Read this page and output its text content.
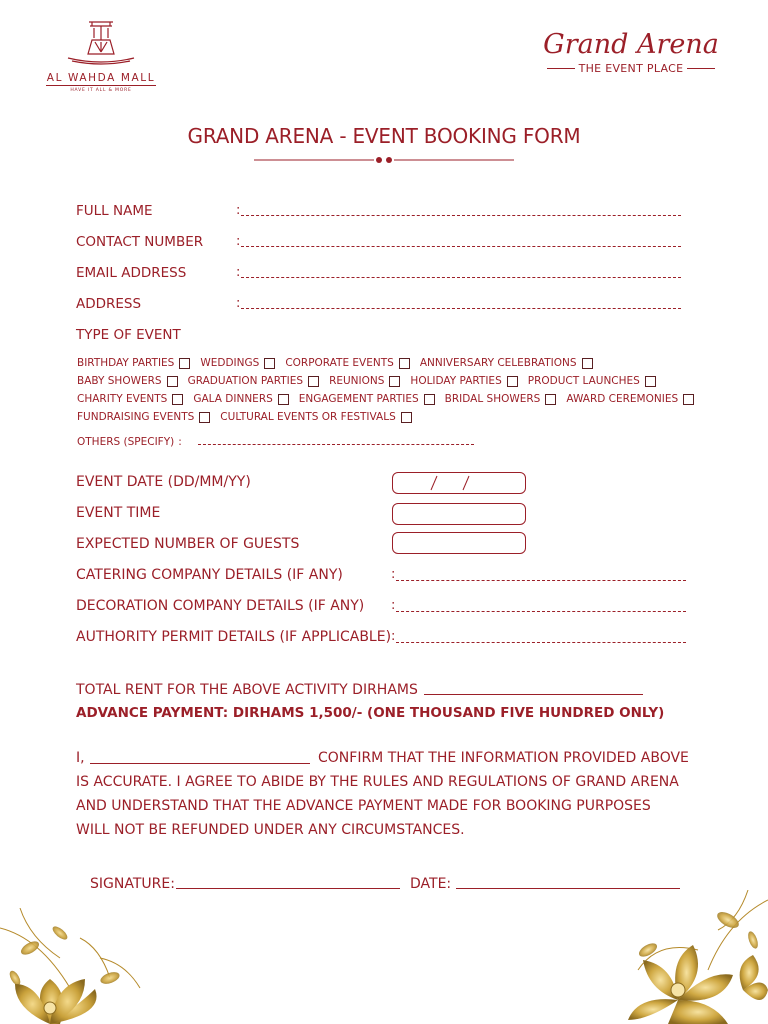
AL WAHDA MALL
HAVE IT ALL & MORE
Grand Arena
THE EVENT PLACE
GRAND ARENA - EVENT BOOKING FORM
FULL NAME	:
CONTACT NUMBER	:
EMAIL ADDRESS	:
ADDRESS	:
TYPE OF EVENT
BIRTHDAY PARTIES WEDDINGS CORPORATE EVENTS ANNIVERSARY CELEBRATIONS
BABY SHOWERS GRADUATION PARTIES REUNIONS HOLIDAY PARTIES PRODUCT LAUNCHES
CHARITY EVENTS GALA DINNERS ENGAGEMENT PARTIES BRIDAL SHOWERS AWARD CEREMONIES
FUNDRAISING EVENTS CULTURAL EVENTS OR FESTIVALS
OTHERS (SPECIFY) :
EVENT DATE (DD/MM/YY)
EVENT TIME
EXPECTED NUMBER OF GUESTS
CATERING COMPANY DETAILS (IF ANY)	:
DECORATION COMPANY DETAILS (IF ANY) :
AUTHORITY PERMIT DETAILS (IF APPLICABLE) :
TOTAL RENT FOR THE ABOVE ACTIVITY DIRHAMS
ADVANCE PAYMENT: DIRHAMS 1,500/- (ONE THOUSAND FIVE HUNDRED ONLY)
I,	CONFIRM THAT THE INFORMATION PROVIDED ABOVE
IS ACCURATE. I AGREE TO ABIDE BY THE RULES AND REGULATIONS OF GRAND ARENA
AND UNDERSTAND THAT THE ADVANCE PAYMENT MADE FOR BOOKING PURPOSES
WILL NOT BE REFUNDED UNDER ANY CIRCUMSTANCES.
SIGNATURE:	DATE:
